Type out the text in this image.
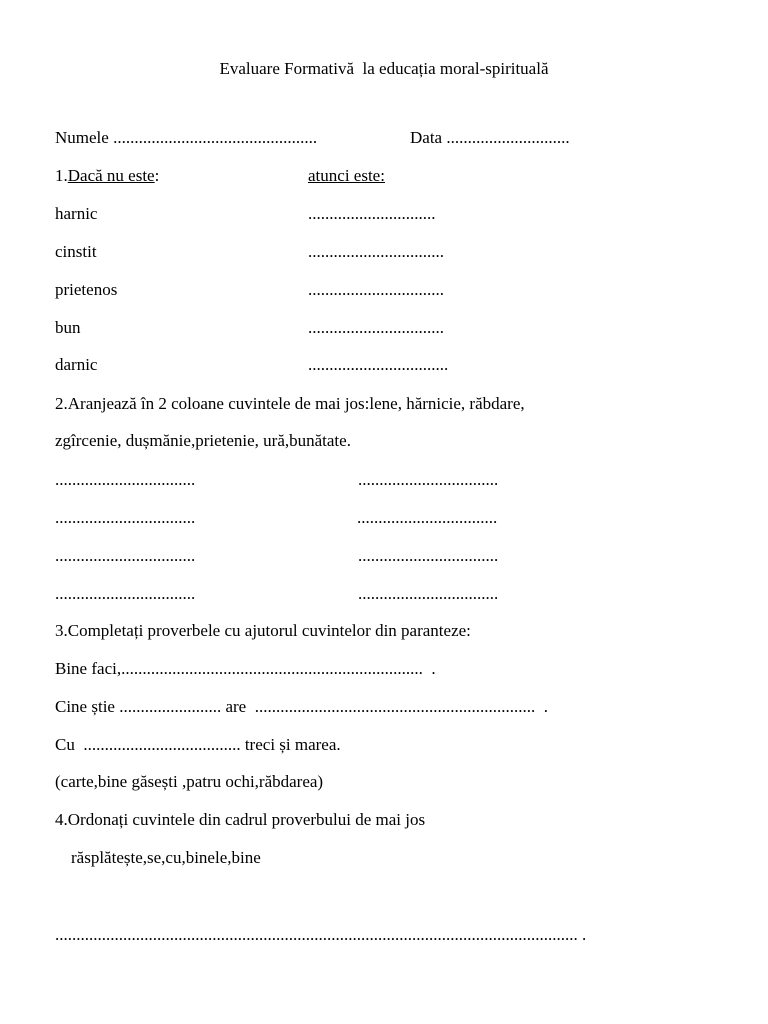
Evaluare Formativă  la educația moral-spirituală
Numele ................................................	Data .............................
1.Dacă nu este:	atunci este:
harnic	..............................
cinstit	................................
prietenos	................................
bun	................................
darnic	.................................
2.Aranjează în 2 coloane cuvintele de mai jos:lene, hărnicie, răbdare,
zgîrcenie, dușmănie,prietenie, ură,bunătate.
.................................	.................................
.................................	.................................
.................................	.................................
.................................	.................................
3.Completați proverbele cu ajutorul cuvintelor din paranteze:
Bine faci,.......................................................................  .
Cine știe ........................ are  ..................................................................  .
Cu  ..................................... treci și marea.
(carte,bine găsești ,patru ochi,răbdarea)
4.Ordonați cuvintele din cadrul proverbului de mai jos
răsplătește,se,cu,binele,bine
........................................................................................................................... .
